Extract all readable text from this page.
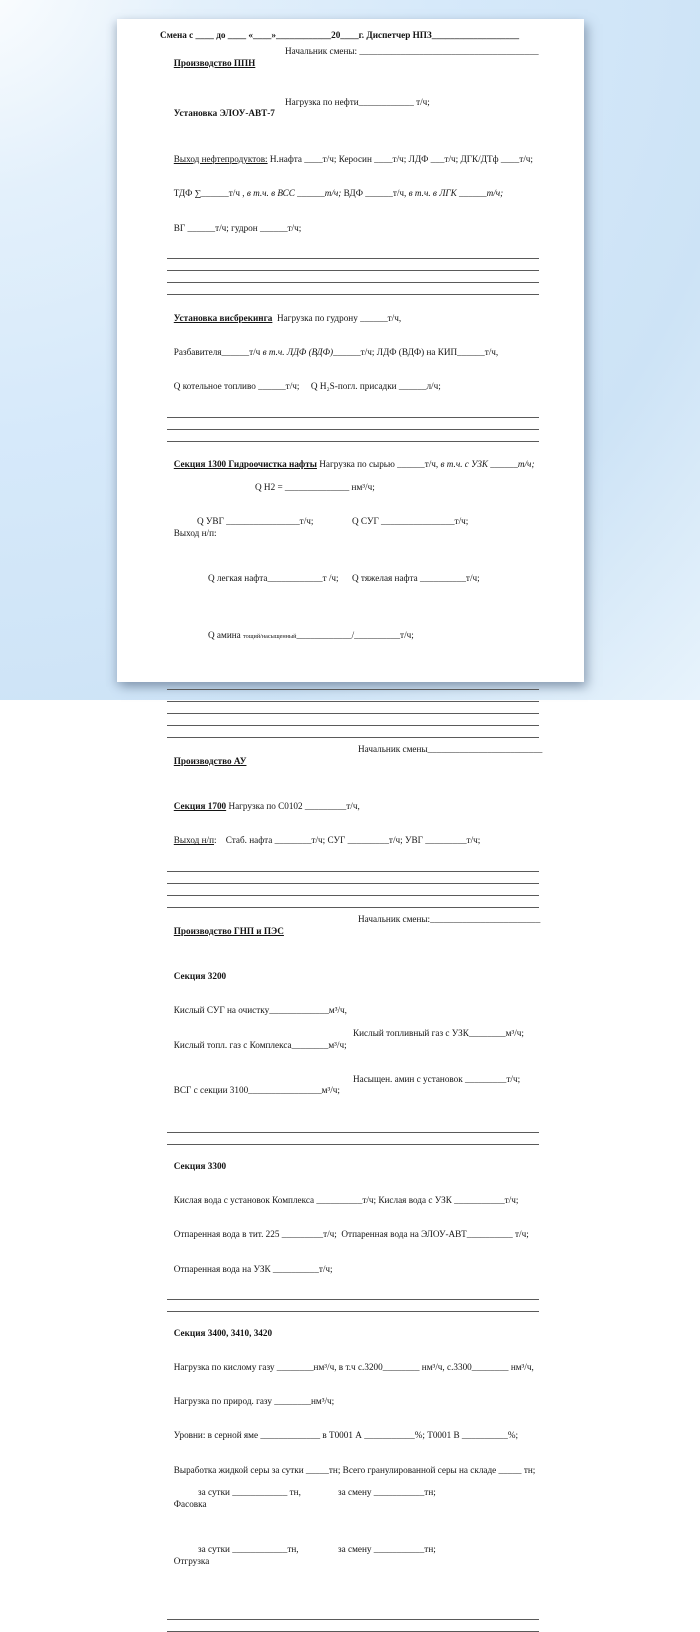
Смена с ____ до ____ «____»____________20____г. Диспетчер НПЗ___________________

Производство ППН

Начальник смены: _______________________________________

Установка ЭЛОУ-АВТ-7

Нагрузка по нефти____________ т/ч;

Выход нефтепродуктов: Н.нафта ____т/ч; Керосин ____т/ч; ЛДФ ___т/ч; ДГК/ДТф ____т/ч;

ТДФ ∑______т/ч , в т.ч. в ВСС ______т/ч; ВДФ ______т/ч, в т.ч. в ЛГК ______т/ч;

ВГ ______т/ч; гудрон ______т/ч;

Установка висбрекинга  Нагрузка по гудрону ______т/ч,

Разбавителя______т/ч в т.ч. ЛДФ (ВДФ)______т/ч; ЛДФ (ВДФ) на КИП______т/ч,

Q котельное топливо ______т/ч;     Q H₂S-погл. присадки ______л/ч;

Секция 1300 Гидроочистка нафты Нагрузка по сырью ______т/ч, в т.ч. с УЗК ______т/ч;

Q H2 = ______________ нм³/ч;

Выход н/п:

Q УВГ ________________т/ч;

	Q СУГ ________________т/ч;

Q легкая нафта____________т /ч;

Q тяжелая нафта __________т/ч;

Q амина тощий/насыщенный____________/__________т/ч;

Производство АУ

Начальник смены_________________________

Секция 1700 Нагрузка по С0102 _________т/ч,

Выход н/п:    Стаб. нафта ________т/ч; СУГ _________т/ч; УВГ _________т/ч;

Производство ГНП и ПЭС

Начальник смены:________________________

Секция 3200

Кислый СУГ на очистку_____________м³/ч,

Кислый топл. газ с Комплекса________м³/ч;

Кислый топливный газ с УЗК________м³/ч;

ВСГ с секции 3100________________м³/ч;

Насыщен. амин с установок _________т/ч;

Секция 3300

Кислая вода с установок Комплекса __________т/ч; Кислая вода с УЗК ___________т/ч;

Отпаренная вода в тит. 225 _________т/ч;  Отпаренная вода на ЭЛОУ-АВТ__________ т/ч;

Отпаренная вода на УЗК __________т/ч;

Секция 3400, 3410, 3420

Нагрузка по кислому газу ________нм³/ч, в т.ч с.3200________ нм³/ч, с.3300________ нм³/ч,

Нагрузка по природ. газу ________нм³/ч;

Уровни: в серной яме _____________ в Т0001 А ___________%; Т0001 В __________%;

Выработка жидкой серы за сутки _____тн; Всего гранулированной серы на складе _____ тн;

Фасовка

за сутки ____________ тн,

	за смену ___________тн;

Отгрузка

за сутки ____________тн,

	за смену ___________тн;
